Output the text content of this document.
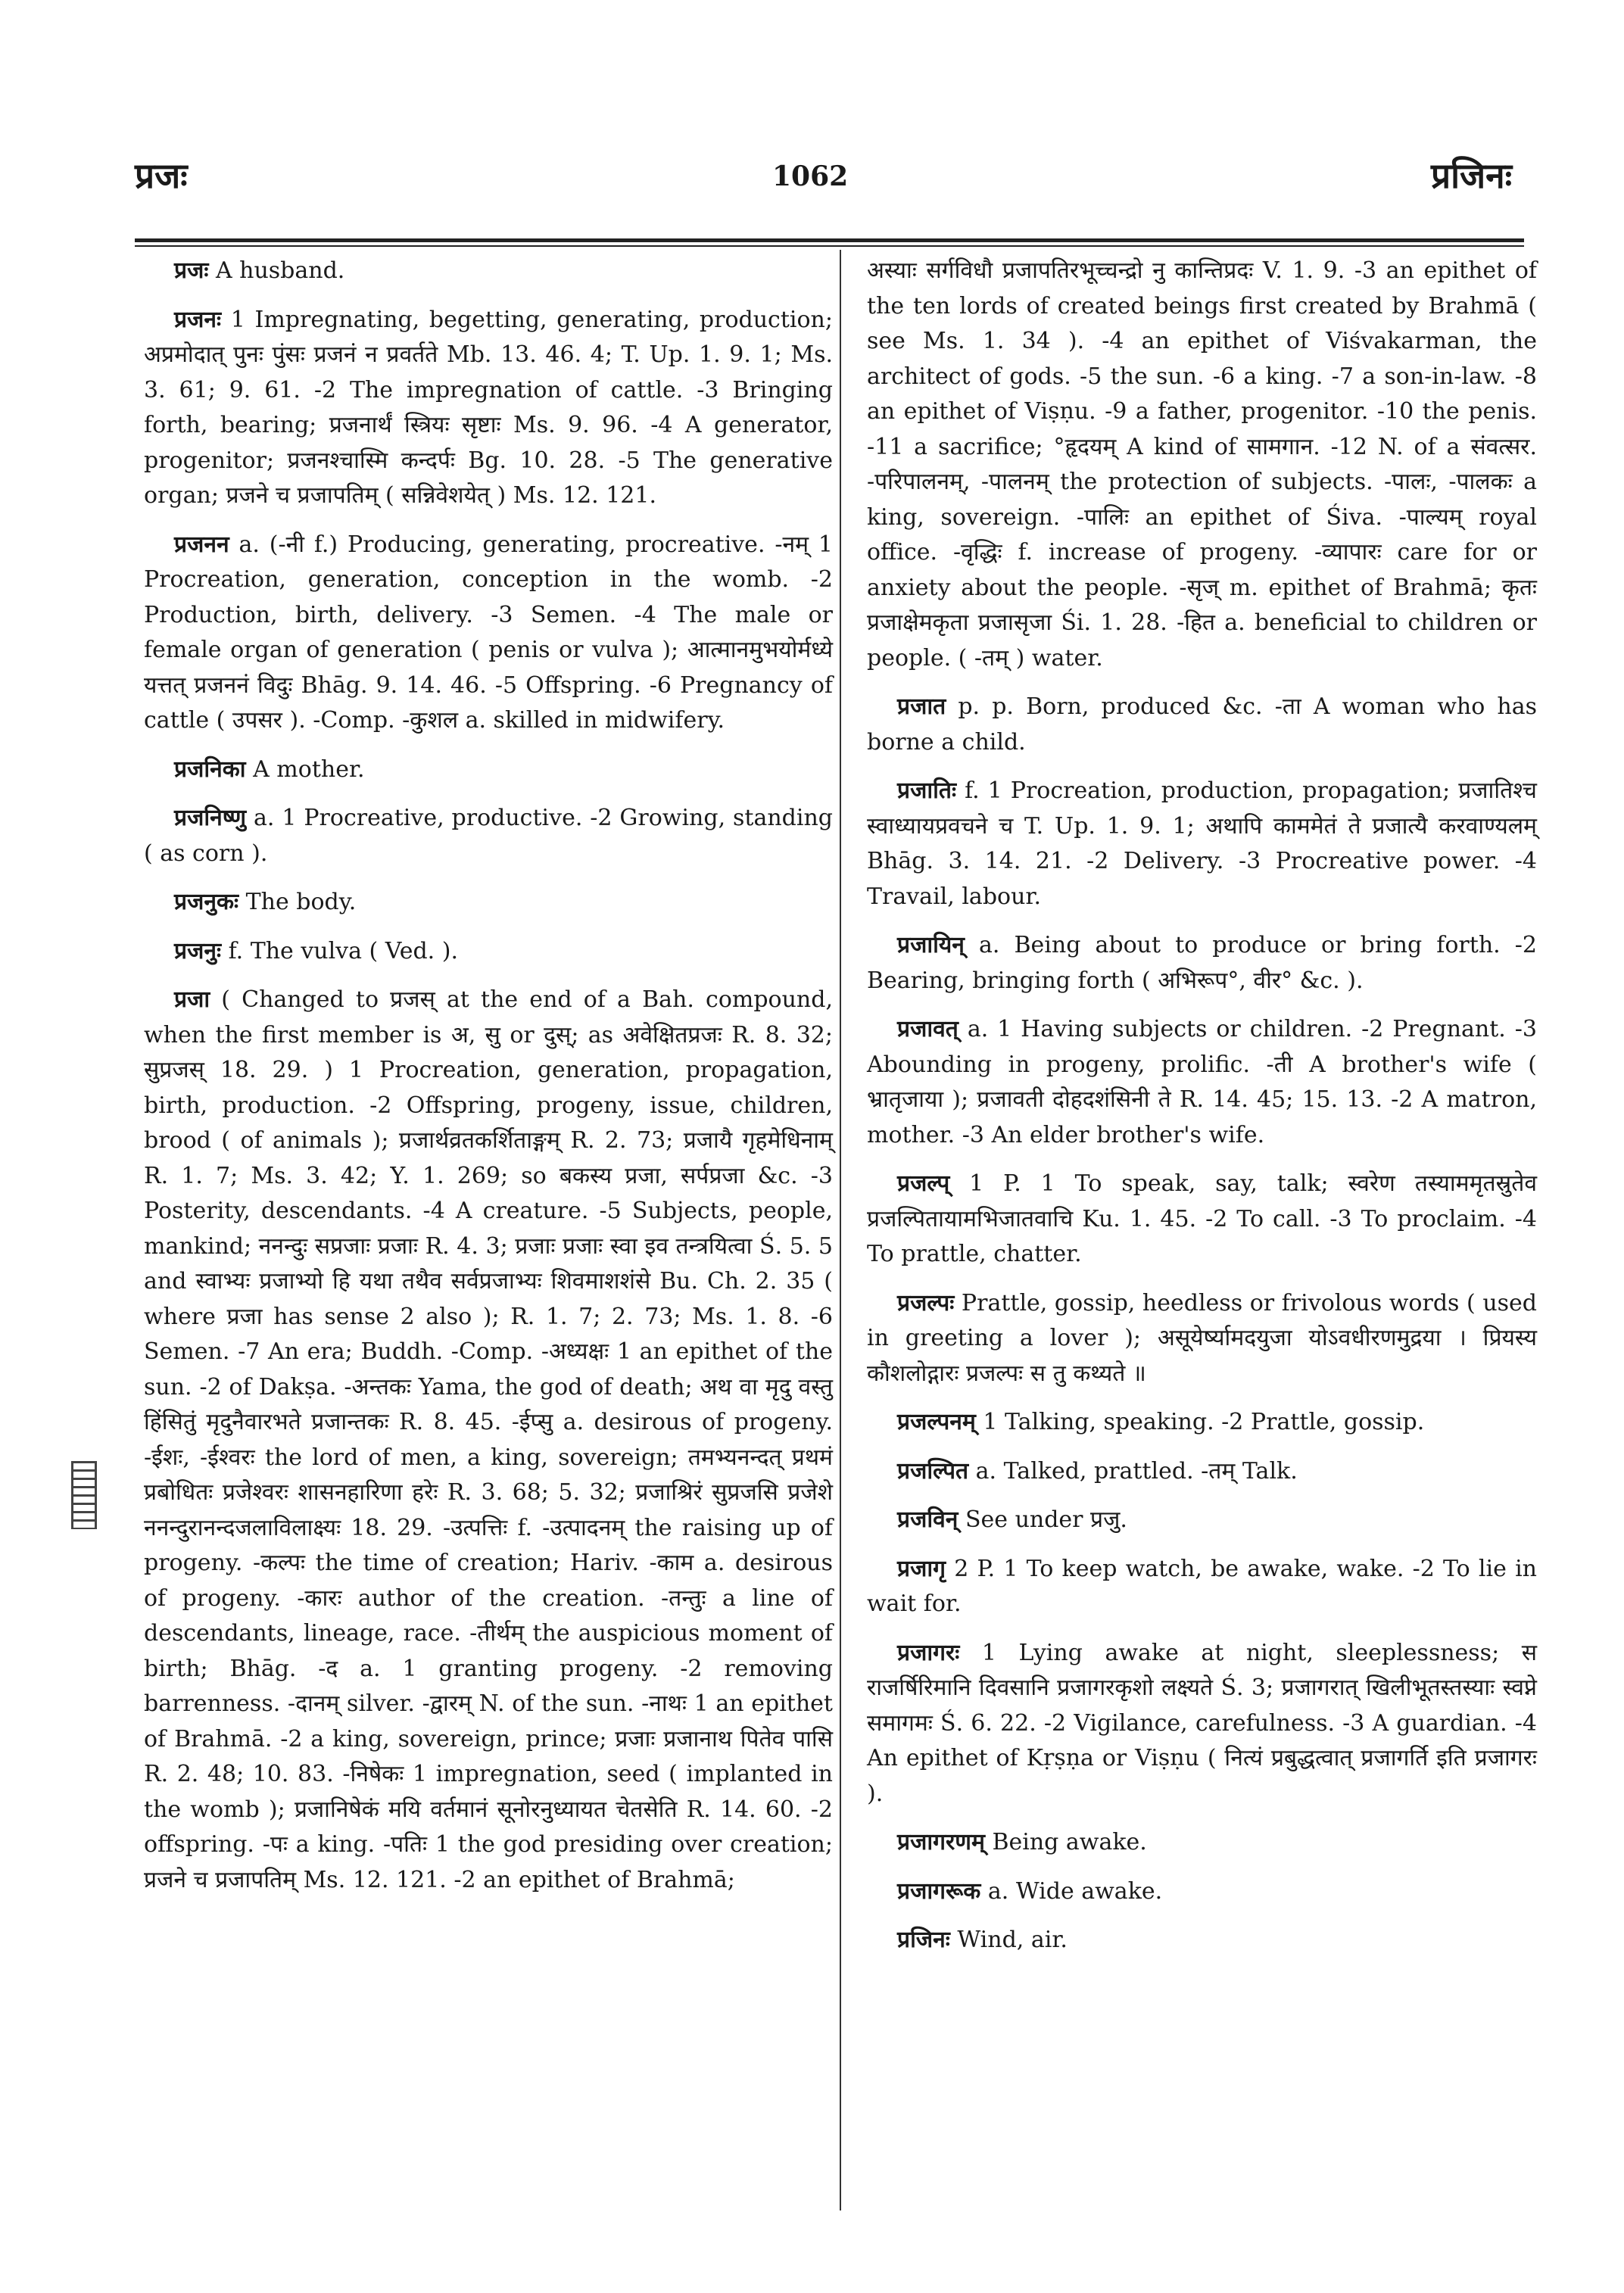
प्रजः	1062	प्रजिनः

प्रजः A husband.

प्रजनः 1 Impregnating, begetting, generating, production; अप्रमोदात् पुनः पुंसः प्रजनं न प्रवर्तते Mb. 13. 46. 4; T. Up. 1. 9. 1; Ms. 3. 61; 9. 61. -2 The impregnation of cattle. -3 Bringing forth, bearing; प्रजनार्थं स्त्रियः सृष्टाः Ms. 9. 96. -4 A generator, progenitor; प्रजनश्चास्मि कन्दर्पः Bg. 10. 28. -5 The generative organ; प्रजने च प्रजापतिम् ( सन्निवेशयेत् ) Ms. 12. 121.

प्रजनन a. (-नी f.) Producing, generating, procreative. -नम् 1 Procreation, generation, conception in the womb. -2 Production, birth, delivery. -3 Semen. -4 The male or female organ of generation ( penis or vulva ); आत्मानमुभयोर्मध्ये यत्तत् प्रजननं विदुः Bhāg. 9. 14. 46. -5 Offspring. -6 Pregnancy of cattle ( उपसर ). -Comp. -कुशल a. skilled in midwifery.

प्रजनिका A mother.

प्रजनिष्णु a. 1 Procreative, productive. -2 Growing, standing ( as corn ).

प्रजनुकः The body.

प्रजनुः f. The vulva ( Ved. ).

प्रजा ( Changed to प्रजस् at the end of a Bah. compound, when the first member is अ, सु or दुस्; as अवेक्षितप्रजः R. 8. 32; सुप्रजस् 18. 29. ) 1 Procreation, generation, propagation, birth, production. -2 Offspring, progeny, issue, children, brood ( of animals ); प्रजार्थव्रतकर्शिताङ्गम् R. 2. 73; प्रजायै गृहमेधिनाम् R. 1. 7; Ms. 3. 42; Y. 1. 269; so बकस्य प्रजा, सर्पप्रजा &c. -3 Posterity, descendants. -4 A creature. -5 Subjects, people, mankind; ननन्दुः सप्रजाः प्रजाः R. 4. 3; प्रजाः प्रजाः स्वा इव तन्त्रयित्वा Ś. 5. 5 and स्वाभ्यः प्रजाभ्यो हि यथा तथैव सर्वप्रजाभ्यः शिवमाशशंसे Bu. Ch. 2. 35 ( where प्रजा has sense 2 also ); R. 1. 7; 2. 73; Ms. 1. 8. -6 Semen. -7 An era; Buddh. -Comp. -अध्यक्षः 1 an epithet of the sun. -2 of Dakṣa. -अन्तकः Yama, the god of death; अथ वा मृदु वस्तु हिंसितुं मृदुनैवारभते प्रजान्तकः R. 8. 45. -ईप्सु a. desirous of progeny. -ईशः, -ईश्वरः the lord of men, a king, sovereign; तमभ्यनन्दत् प्रथमं प्रबोधितः प्रजेश्वरः शासनहारिणा हरेः R. 3. 68; 5. 32; प्रजाश्रिरं सुप्रजसि प्रजेशे ननन्दुरानन्दजलाविलाक्ष्यः 18. 29. -उत्पत्तिः f. -उत्पादनम् the raising up of progeny. -कल्पः the time of creation; Hariv. -काम a. desirous of progeny. -कारः author of the creation. -तन्तुः a line of descendants, lineage, race. -तीर्थम् the auspicious moment of birth; Bhāg. -द a. 1 granting progeny. -2 removing barrenness. -दानम् silver. -द्वारम् N. of the sun. -नाथः 1 an epithet of Brahmā. -2 a king, sovereign, prince; प्रजाः प्रजानाथ पितेव पासि R. 2. 48; 10. 83. -निषेकः 1 impregnation, seed ( implanted in the womb ); प्रजानिषेकं मयि वर्तमानं सूनोरनुध्यायत चेतसेति R. 14. 60. -2 offspring. -पः a king. -पतिः 1 the god presiding over creation; प्रजने च प्रजापतिम् Ms. 12. 121. -2 an epithet of Brahmā;

अस्याः सर्गविधौ प्रजापतिरभूच्चन्द्रो नु कान्तिप्रदः V. 1. 9. -3 an epithet of the ten lords of created beings first created by Brahmā ( see Ms. 1. 34 ). -4 an epithet of Viśvakarman, the architect of gods. -5 the sun. -6 a king. -7 a son-in-law. -8 an epithet of Viṣṇu. -9 a father, progenitor. -10 the penis. -11 a sacrifice; °हृदयम् A kind of सामगान. -12 N. of a संवत्सर. -परिपालनम्, -पालनम् the protection of subjects. -पालः, -पालकः a king, sovereign. -पालिः an epithet of Śiva. -पाल्यम् royal office. -वृद्धिः f. increase of progeny. -व्यापारः care for or anxiety about the people. -सृज् m. epithet of Brahmā; कृतः प्रजाक्षेमकृता प्रजासृजा Śi. 1. 28. -हित a. beneficial to children or people. ( -तम् ) water.

प्रजात p. p. Born, produced &c. -ता A woman who has borne a child.

प्रजातिः f. 1 Procreation, production, propagation; प्रजातिश्च स्वाध्यायप्रवचने च T. Up. 1. 9. 1; अथापि काममेतं ते प्रजात्यै करवाण्यलम् Bhāg. 3. 14. 21. -2 Delivery. -3 Procreative power. -4 Travail, labour.

प्रजायिन् a. Being about to produce or bring forth. -2 Bearing, bringing forth ( अभिरूप°, वीर° &c. ).

प्रजावत् a. 1 Having subjects or children. -2 Pregnant. -3 Abounding in progeny, prolific. -ती A brother's wife ( भ्रातृजाया ); प्रजावती दोहदशंसिनी ते R. 14. 45; 15. 13. -2 A matron, mother. -3 An elder brother's wife.

प्रजल्प् 1 P. 1 To speak, say, talk; स्वरेण तस्याममृतस्रुतेव प्रजल्पितायामभिजातवाचि Ku. 1. 45. -2 To call. -3 To proclaim. -4 To prattle, chatter.

प्रजल्पः Prattle, gossip, heedless or frivolous words ( used in greeting a lover ); असूयेर्ष्यामदयुजा योऽवधीरणमुद्रया । प्रियस्य कौशलोद्गारः प्रजल्पः स तु कथ्यते ॥

प्रजल्पनम् 1 Talking, speaking. -2 Prattle, gossip.

प्रजल्पित a. Talked, prattled. -तम् Talk.

प्रजविन् See under प्रजु.

प्रजागृ 2 P. 1 To keep watch, be awake, wake. -2 To lie in wait for.

प्रजागरः 1 Lying awake at night, sleeplessness; स राजर्षिरिमानि दिवसानि प्रजागरकृशो लक्ष्यते Ś. 3; प्रजागरात् खिलीभूतस्तस्याः स्वप्ने समागमः Ś. 6. 22. -2 Vigilance, carefulness. -3 A guardian. -4 An epithet of Kṛṣṇa or Viṣṇu ( नित्यं प्रबुद्धत्वात् प्रजागर्ति इति प्रजागरः ).

प्रजागरणम् Being awake.

प्रजागरूक a. Wide awake.

प्रजिनः Wind, air.
